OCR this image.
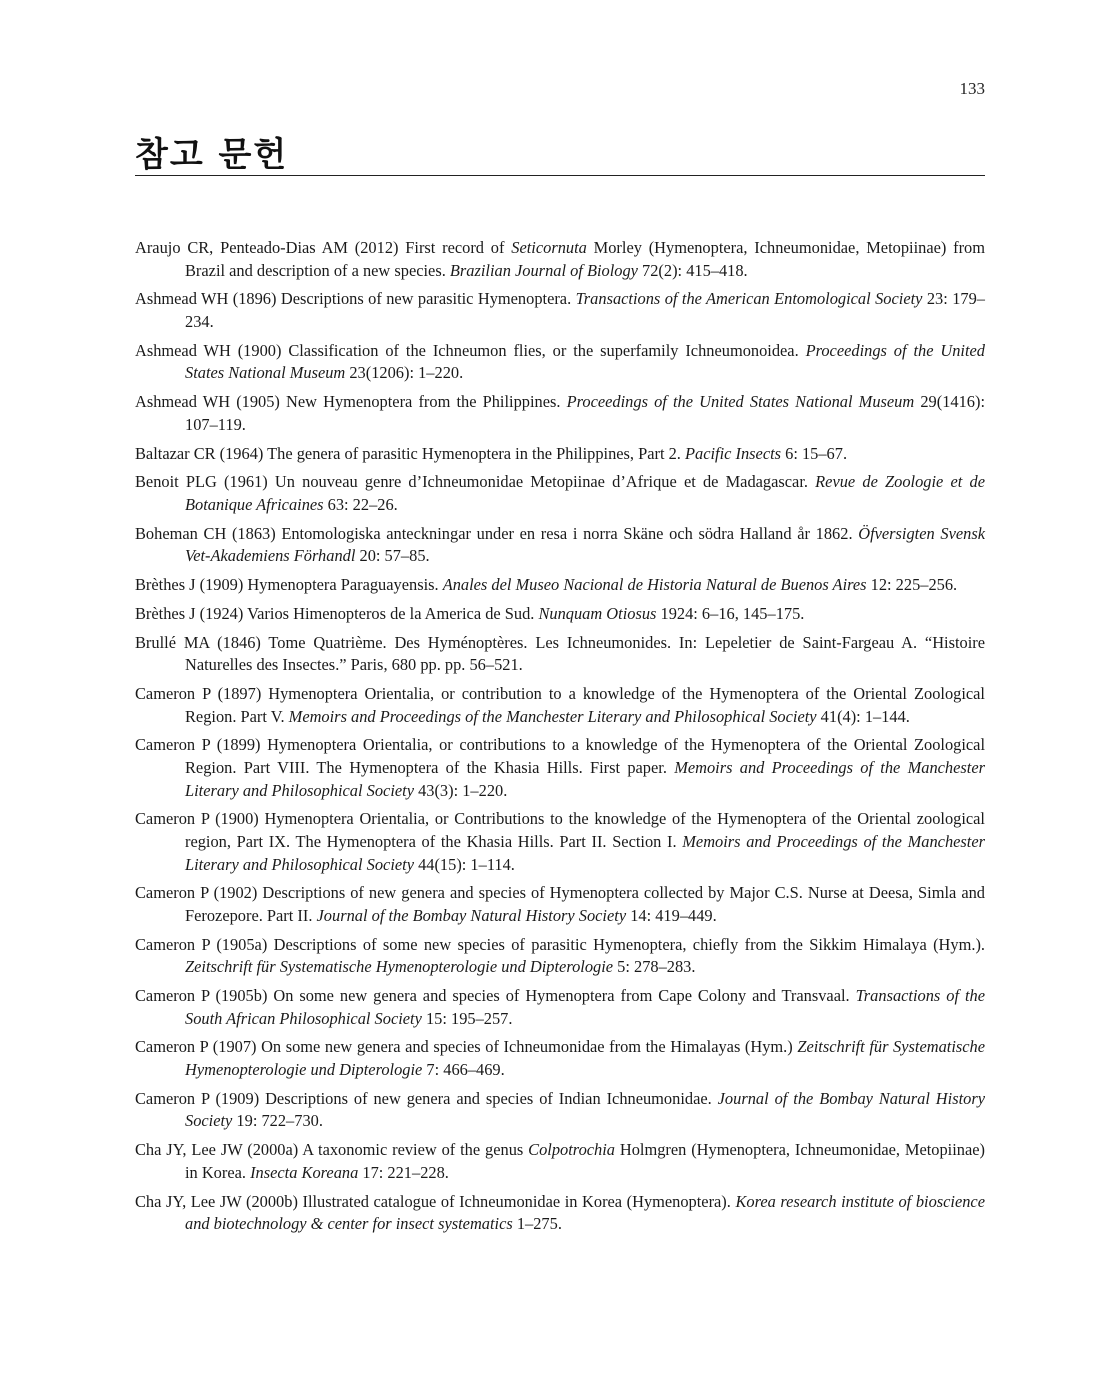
133
참고 문헌
Araujo CR, Penteado-Dias AM (2012) First record of Seticornuta Morley (Hymenoptera, Ichneumonidae, Metopiinae) from Brazil and description of a new species. Brazilian Journal of Biology 72(2): 415–418.
Ashmead WH (1896) Descriptions of new parasitic Hymenoptera. Transactions of the American Entomological Society 23: 179–234.
Ashmead WH (1900) Classification of the Ichneumon flies, or the superfamily Ichneumonoidea. Proceedings of the United States National Museum 23(1206): 1–220.
Ashmead WH (1905) New Hymenoptera from the Philippines. Proceedings of the United States National Museum 29(1416): 107–119.
Baltazar CR (1964) The genera of parasitic Hymenoptera in the Philippines, Part 2. Pacific Insects 6: 15–67.
Benoit PLG (1961) Un nouveau genre d’Ichneumonidae Metopiinae d’Afrique et de Madagascar. Revue de Zoologie et de Botanique Africaines 63: 22–26.
Boheman CH (1863) Entomologiska anteckningar under en resa i norra Skäne och södra Halland år 1862. Öfversigten Svensk Vet-Akademiens Förhandl 20: 57–85.
Brèthes J (1909) Hymenoptera Paraguayensis. Anales del Museo Nacional de Historia Natural de Buenos Aires 12: 225–256.
Brèthes J (1924) Varios Himenopteros de la America de Sud. Nunquam Otiosus 1924: 6–16, 145–175.
Brullé MA (1846) Tome Quatrième. Des Hyménoptères. Les Ichneumonides. In: Lepeletier de Saint-Fargeau A. “Histoire Naturelles des Insectes.” Paris, 680 pp. pp. 56–521.
Cameron P (1897) Hymenoptera Orientalia, or contribution to a knowledge of the Hymenoptera of the Oriental Zoological Region. Part V. Memoirs and Proceedings of the Manchester Literary and Philosophical Society 41(4): 1–144.
Cameron P (1899) Hymenoptera Orientalia, or contributions to a knowledge of the Hymenoptera of the Oriental Zoological Region. Part VIII. The Hymenoptera of the Khasia Hills. First paper. Memoirs and Proceedings of the Manchester Literary and Philosophical Society 43(3): 1–220.
Cameron P (1900) Hymenoptera Orientalia, or Contributions to the knowledge of the Hymenoptera of the Oriental zoological region, Part IX. The Hymenoptera of the Khasia Hills. Part II. Section I. Memoirs and Proceedings of the Manchester Literary and Philosophical Society 44(15): 1–114.
Cameron P (1902) Descriptions of new genera and species of Hymenoptera collected by Major C.S. Nurse at Deesa, Simla and Ferozepore. Part II. Journal of the Bombay Natural History Society 14: 419–449.
Cameron P (1905a) Descriptions of some new species of parasitic Hymenoptera, chiefly from the Sikkim Himalaya (Hym.). Zeitschrift für Systematische Hymenopterologie und Dipterologie 5: 278–283.
Cameron P (1905b) On some new genera and species of Hymenoptera from Cape Colony and Transvaal. Transactions of the South African Philosophical Society 15: 195–257.
Cameron P (1907) On some new genera and species of Ichneumonidae from the Himalayas (Hym.) Zeitschrift für Systematische Hymenopterologie und Dipterologie 7: 466–469.
Cameron P (1909) Descriptions of new genera and species of Indian Ichneumonidae. Journal of the Bombay Natural History Society 19: 722–730.
Cha JY, Lee JW (2000a) A taxonomic review of the genus Colpotrochia Holmgren (Hymenoptera, Ichneumonidae, Metopiinae) in Korea. Insecta Koreana 17: 221–228.
Cha JY, Lee JW (2000b) Illustrated catalogue of Ichneumonidae in Korea (Hymenoptera). Korea research institute of bioscience and biotechnology & center for insect systematics 1–275.
